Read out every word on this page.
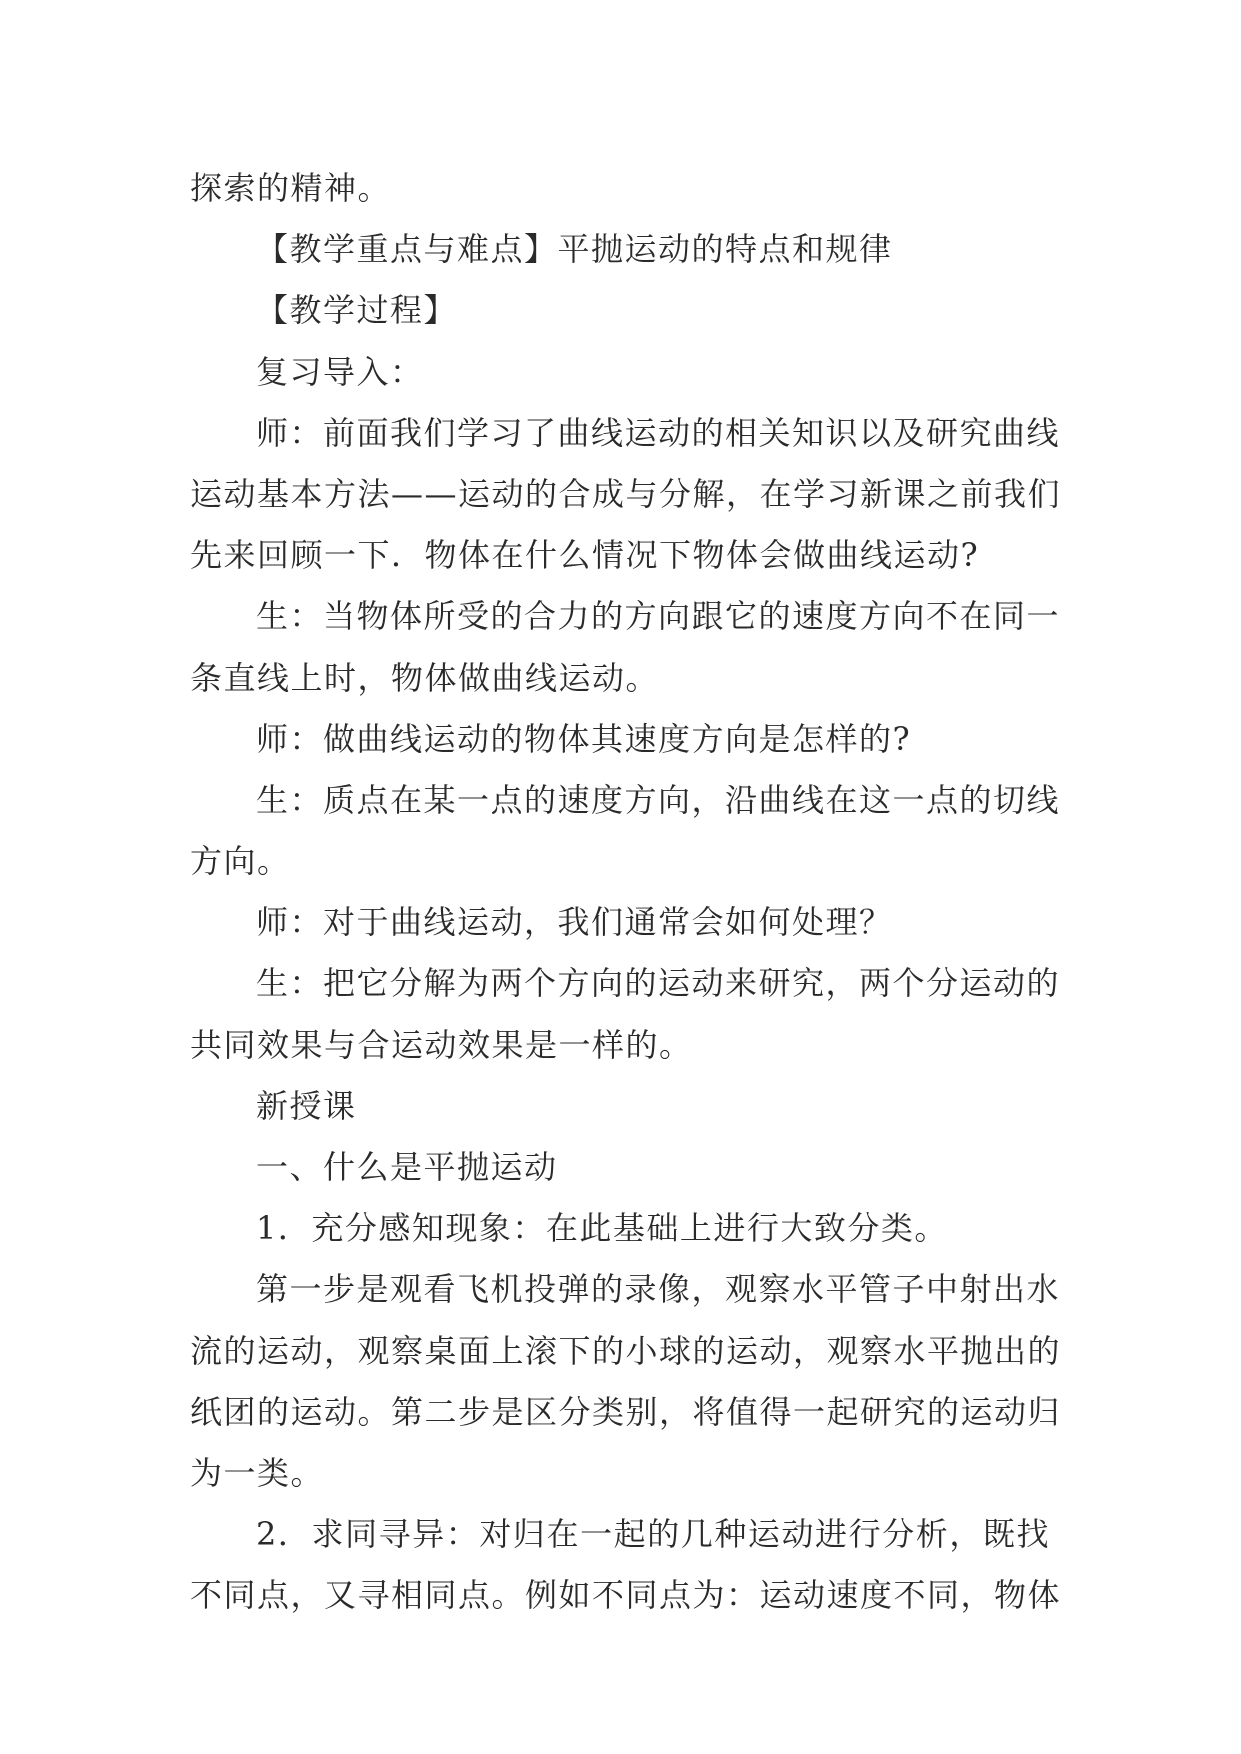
探索的精神。
【教学重点与难点】平抛运动的特点和规律
【教学过程】
复习导入：
师：前面我们学习了曲线运动的相关知识以及研究曲线
运动基本方法——运动的合成与分解，在学习新课之前我们
先来回顾一下．物体在什么情况下物体会做曲线运动?
生：当物体所受的合力的方向跟它的速度方向不在同一
条直线上时，物体做曲线运动。
师：做曲线运动的物体其速度方向是怎样的?
生：质点在某一点的速度方向，沿曲线在这一点的切线
方向。
师：对于曲线运动，我们通常会如何处理？
生：把它分解为两个方向的运动来研究，两个分运动的
共同效果与合运动效果是一样的。
新授课
一、什么是平抛运动
1．充分感知现象：在此基础上进行大致分类。
第一步是观看飞机投弹的录像，观察水平管子中射出水
流的运动，观察桌面上滚下的小球的运动，观察水平抛出的
纸团的运动。第二步是区分类别，将值得一起研究的运动归
为一类。
2．求同寻异：对归在一起的几种运动进行分析，既找
不同点，又寻相同点。例如不同点为：运动速度不同，物体
